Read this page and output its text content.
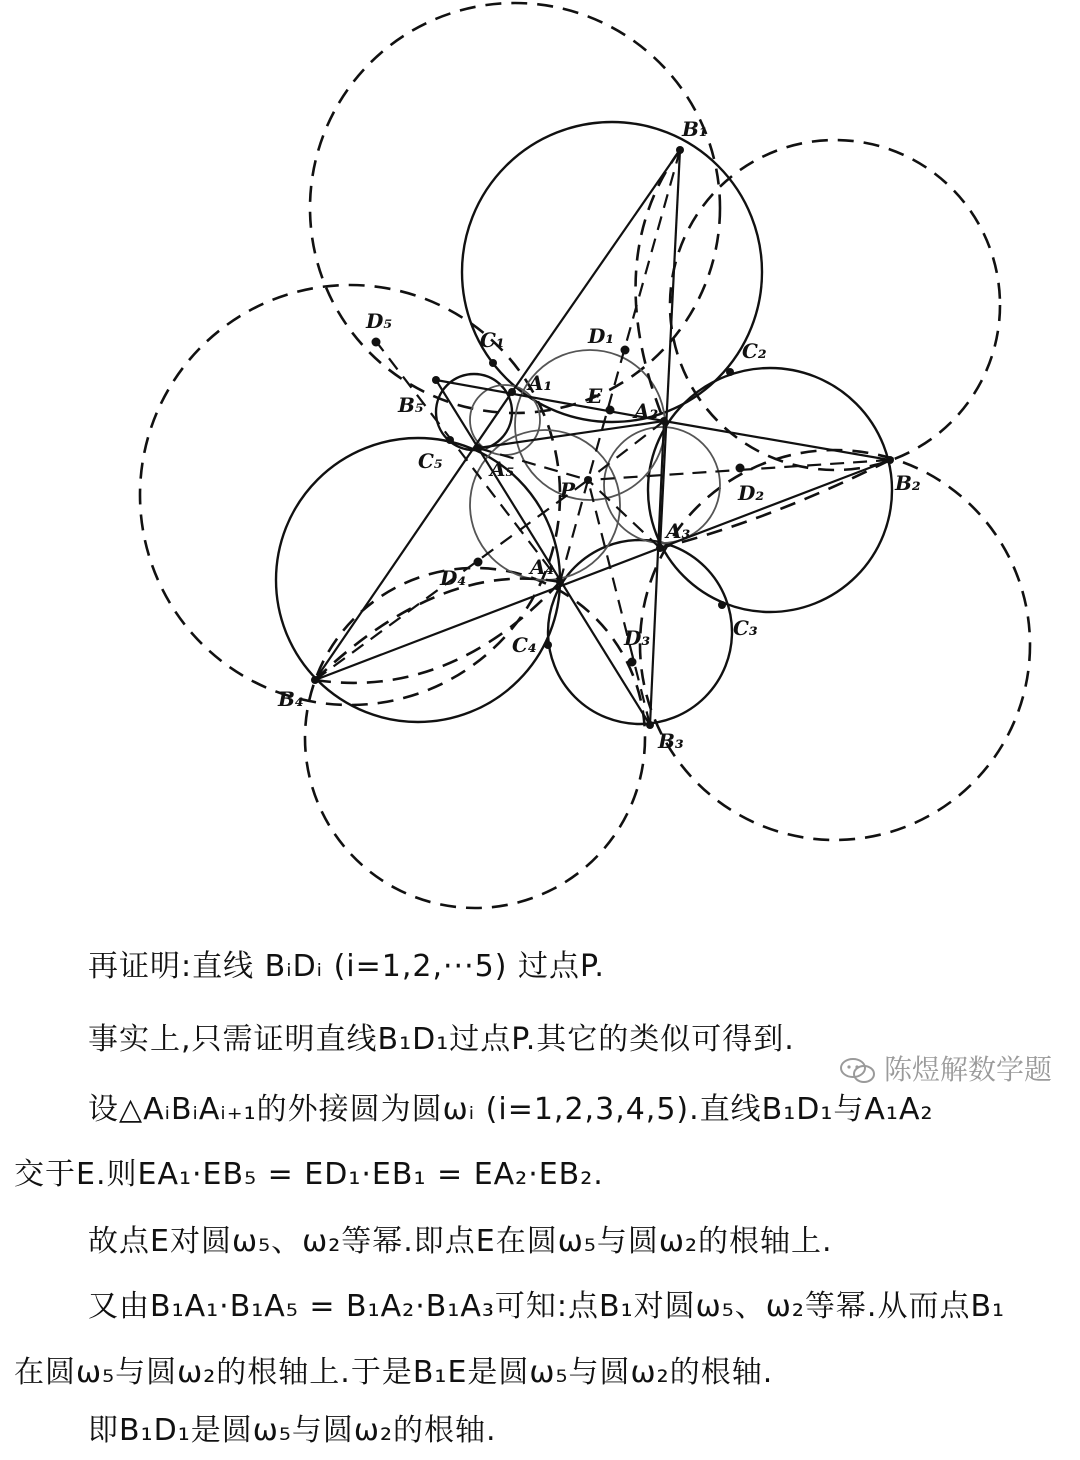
B₁
B₂
B₃
B₄
B₅
A₁
A₂
A₃
A₄
A₅
C₁	C₂
C₃
C₄
C₅
D₁
D₂
D₃
D₄
D₅
E
P
再证明:直线 BᵢDᵢ (i=1,2,···5) 过点P.
事实上,只需证明直线B₁D₁过点P.其它的类似可得到.
设△AᵢBᵢAᵢ₊₁的外接圆为圆ωᵢ (i=1,2,3,4,5).直线B₁D₁与A₁A₂
交于E.则EA₁·EB₅ = ED₁·EB₁ = EA₂·EB₂.
故点E对圆ω₅、ω₂等幂.即点E在圆ω₅与圆ω₂的根轴上.
又由B₁A₁·B₁A₅ = B₁A₂·B₁A₃可知:点B₁对圆ω₅、ω₂等幂.从而点B₁
在圆ω₅与圆ω₂的根轴上.于是B₁E是圆ω₅与圆ω₂的根轴.
即B₁D₁是圆ω₅与圆ω₂的根轴.
陈煜解数学题
